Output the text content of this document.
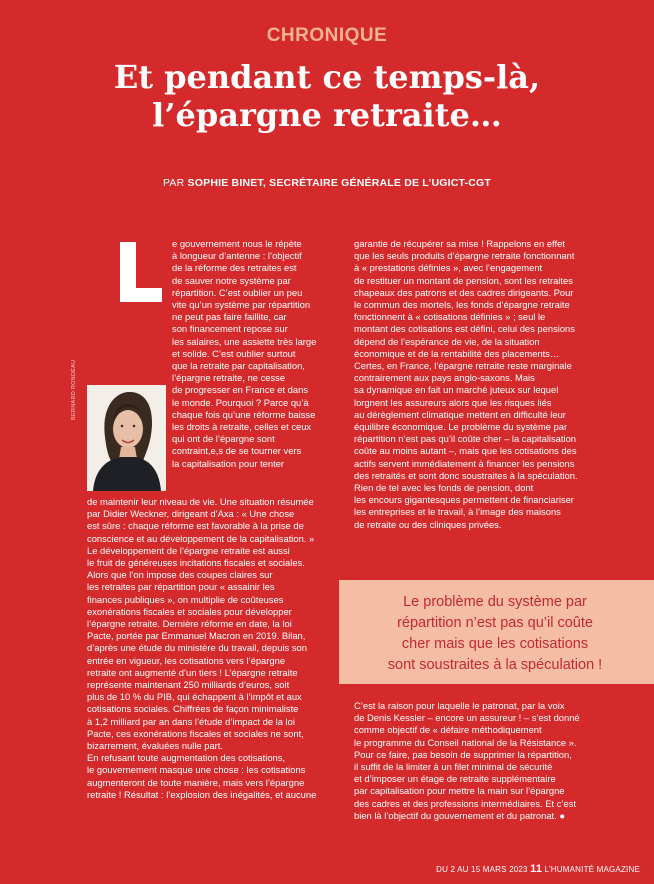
CHRONIQUE
Et pendant ce temps-là,
l’épargne retraite…
PAR SOPHIE BINET, SECRÉTAIRE GÉNÉRALE DE L’UGICT-CGT
L
BERNARD RONDEAU

e gouvernement nous le répète

à longueur d’antenne : l’objectif

de la réforme des retraites est

de sauver notre système par

répartition. C’est oublier un peu

vite qu’un système par répartition

ne peut pas faire faillite, car

son financement repose sur

les salaires, une assiette très large

et solide. C’est oublier surtout

que la retraite par capitalisation,

l’épargne retraite, ne cesse

de progresser en France et dans

le monde. Pourquoi ? Parce qu’à

chaque fois qu’une réforme baisse

les droits à retraite, celles et ceux

qui ont de l’épargne sont

contraint,e,s de se tourner vers

la capitalisation pour tenter

de maintenir leur niveau de vie. Une situation résumée

par Didier Weckner, dirigeant d’Axa : « Une chose

est sûre : chaque réforme est favorable à la prise de

conscience et au développement de la capitalisation. »

Le développement de l’épargne retraite est aussi

le fruit de généreuses incitations fiscales et sociales.

Alors que l’on impose des coupes claires sur

les retraites par répartition pour « assainir les

finances publiques », on multiplie de coûteuses

exonérations fiscales et sociales pour développer

l’épargne retraite. Dernière réforme en date, la loi

Pacte, portée par Emmanuel Macron en 2019. Bilan,

d’après une étude du ministère du travail, depuis son

entrée en vigueur, les cotisations vers l’épargne

retraite ont augmenté d’un tiers ! L’épargne retraite

représente maintenant 250 milliards d’euros, soit

plus de 10 % du PIB, qui échappent à l’impôt et aux

cotisations sociales. Chiffrées de façon minimaliste

à 1,2 milliard par an dans l’étude d’impact de la loi

Pacte, ces exonérations fiscales et sociales ne sont,

bizarrement, évaluées nulle part.

En refusant toute augmentation des cotisations,

le gouvernement masque une chose : les cotisations

augmenteront de toute manière, mais vers l’épargne

retraite ! Résultat : l’explosion des inégalités, et aucune

garantie de récupérer sa mise ! Rappelons en effet

que les seuls produits d’épargne retraite fonctionnant

à « prestations définies », avec l’engagement

de restituer un montant de pension, sont les retraites

chapeaux des patrons et des cadres dirigeants. Pour

le commun des mortels, les fonds d’épargne retraite

fonctionnent à « cotisations définies » ; seul le

montant des cotisations est défini, celui des pensions

dépend de l’espérance de vie, de la situation

économique et de la rentabilité des placements…

Certes, en France, l’épargne retraite reste marginale

contrairement aux pays anglo-saxons. Mais

sa dynamique en fait un marché juteux sur lequel

lorgnent les assureurs alors que les risques liés

au dérèglement climatique mettent en difficulté leur

équilibre économique. Le problème du système par

répartition n’est pas qu’il coûte cher – la capitalisation

coûte au moins autant –, mais que les cotisations des

actifs servent immédiatement à financer les pensions

des retraités et sont donc soustraites à la spéculation.

Rien de tel avec les fonds de pension, dont

les encours gigantesques permettent de financiariser

les entreprises et le travail, à l’image des maisons

de retraite ou des cliniques privées.

Le problème du système par
répartition n’est pas qu’il coûte
cher mais que les cotisations
sont soustraites à la spéculation !

C’est la raison pour laquelle le patronat, par la voix

de Denis Kessler – encore un assureur ! – s’est donné

comme objectif de « défaire méthodiquement

le programme du Conseil national de la Résistance ».

Pour ce faire, pas besoin de supprimer la répartition,

il suffit de la limiter à un filet minimal de sécurité

et d’imposer un étage de retraite supplémentaire

par capitalisation pour mettre la main sur l’épargne

des cadres et des professions intermédiaires. Et c’est

bien là l’objectif du gouvernement et du patronat. ●

DU 2 AU 15 MARS 2023 11 L’HUMANITÉ MAGAZINE
